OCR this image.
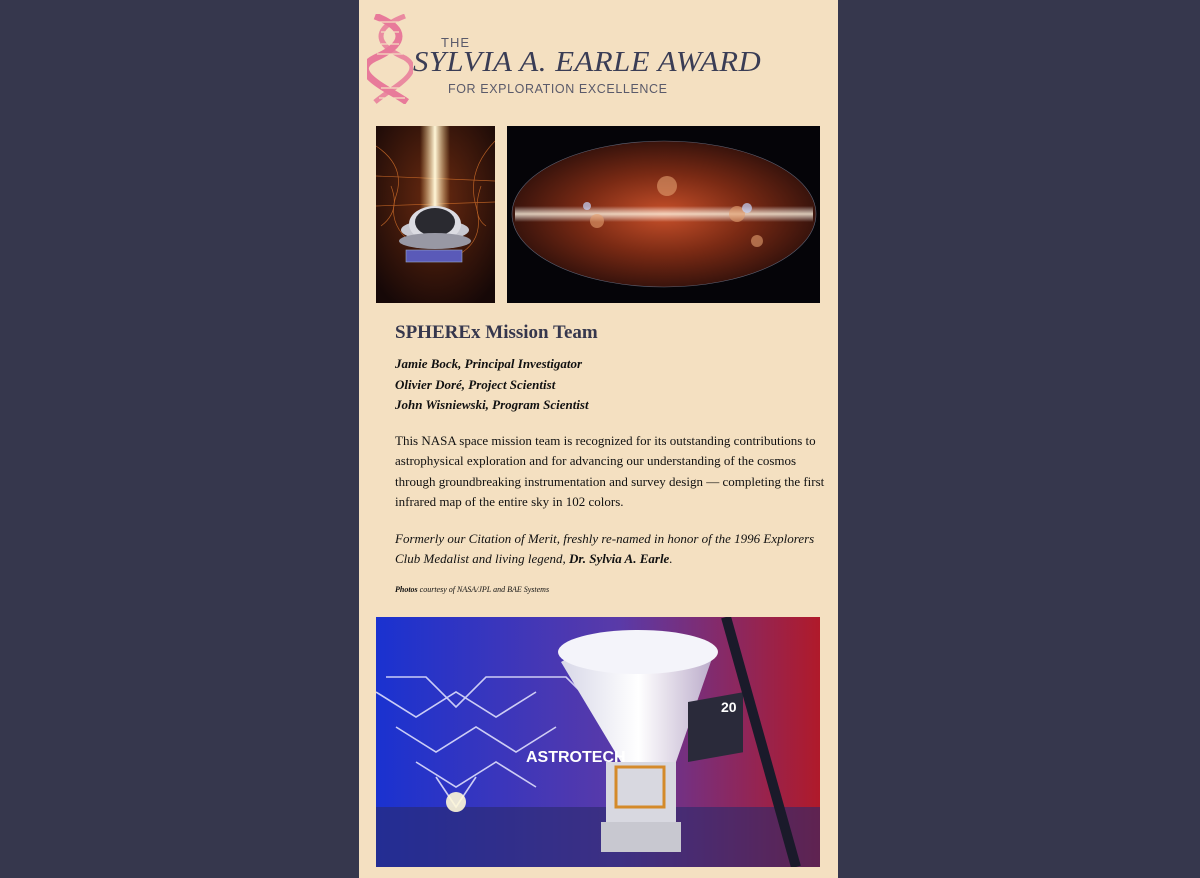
THE
SYLVIA A. EARLE AWARD
FOR EXPLORATION EXCELLENCE
SPHEREx Mission Team

Jamie Bock, Principal Investigator

Olivier Doré, Project Scientist

John Wisniewski, Program Scientist

This NASA space mission team is recognized for its outstanding contributions to astrophysical exploration and for advancing our understanding of the cosmos through groundbreaking instrumentation and survey design — completing the first infrared map of the entire sky in 102 colors.

Formerly our Citation of Merit, freshly re-named in honor of the 1996 Explorers Club Medalist and living legend, Dr. Sylvia A. Earle.

Photos courtesy of NASA/JPL and BAE Systems

20
ASTROTECH
